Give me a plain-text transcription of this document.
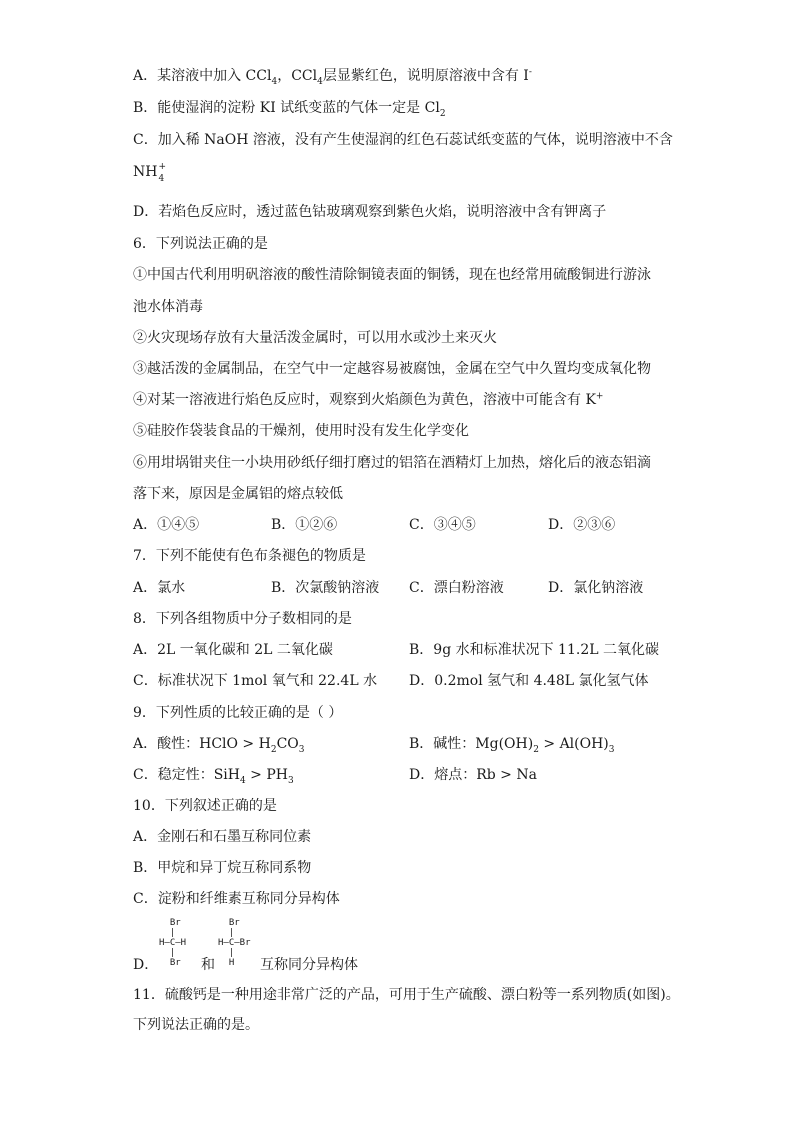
A．某溶液中加入 CCl$_4$，CCl$_4$层显紫红色，说明原溶液中含有 I-
B．能使湿润的淀粉 KI 试纸变蓝的气体一定是 $Cl_2$
C．加入稀 NaOH 溶液，没有产生使湿润的红色石蕊试纸变蓝的气体，说明溶液中不含
NH +
4
D．若焰色反应时，透过蓝色钴玻璃观察到紫色火焰，说明溶液中含有钾离子
6．下列说法正确的是
①中国古代利用明矾溶液的酸性清除铜镜表面的铜锈，现在也经常用硫酸铜进行游泳
池水体消毒
②火灾现场存放有大量活泼金属时，可以用水或沙土来灭火
③越活泼的金属制品，在空气中一定越容易被腐蚀，金属在空气中久置均变成氧化物
④对某一溶液进行焰色反应时，观察到火焰颜色为黄色，溶液中可能含有 K+
⑤硅胶作袋装食品的干燥剂，使用时没有发生化学变化
⑥用坩埚钳夹住一小块用砂纸仔细打磨过的铝箔在酒精灯上加热，熔化后的液态铝滴
落下来，原因是金属铝的熔点较低
A．①④⑤	B．①②⑥	C．③④⑤	D．②③⑥
7．下列不能使有色布条褪色的物质是
A．氯水	B．次氯酸钠溶液 C．漂白粉溶液	D．氯化钠溶液
8．下列各组物质中分子数相同的是
A．2L 一氧化碳和 2L 二氧化碳	B．9g 水和标准状况下 11.2L 二氧化碳
C．标准状况下 1mol 氧气和 22.4L 水 D．0.2mol 氢气和 4.48L 氯化氢气体
9．下列性质的比较正确的是（ ）
A．酸性：HClO > $H_2CO_3$	B．碱性：$Mg(OH)_2 > Al(OH)_3$
C．稳定性：$SiH_4 > PH_3$	D．熔点：Rb > Na
10．下列叙述正确的是
A．金刚石和石墨互称同位素
B．甲烷和异丁烷互称同系物
C．淀粉和纤维素互称同分异构体
D．
Br
|
H—C—H
|
Br	和
Br
|
H—C—Br
|
H	互称同分异构体
11．硫酸钙是一种用途非常广泛的产品，可用于生产硫酸、漂白粉等一系列物质(如图)。
下列说法正确的是。
